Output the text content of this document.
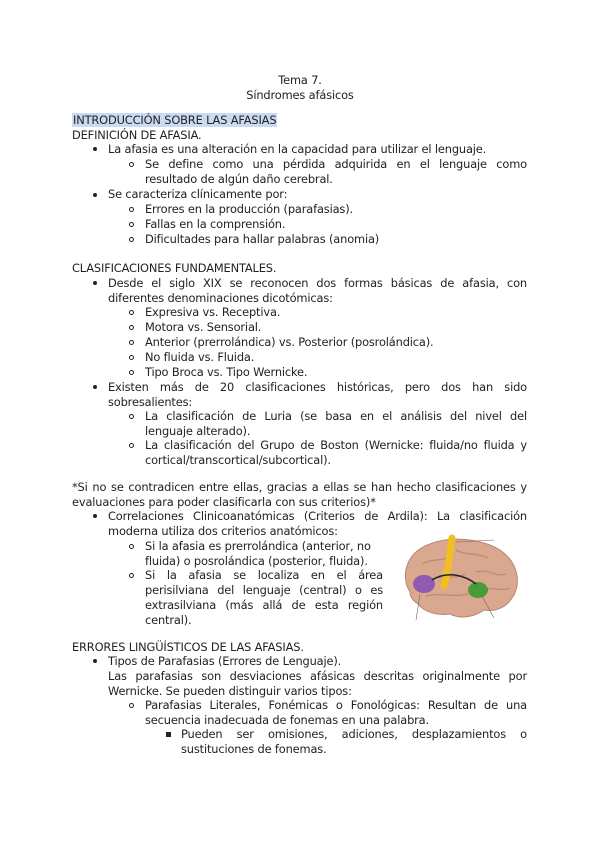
Tema 7.
Síndromes afásicos
INTRODUCCIÓN SOBRE LAS AFASIAS
DEFINICIÓN DE AFASIA.
La afasia es una alteración en la capacidad para utilizar el lenguaje.
Se define como una pérdida adquirida en el lenguaje como
resultado de algún daño cerebral.
Se caracteriza clínicamente por:
Errores en la producción (parafasias).
Fallas en la comprensión.
Dificultades para hallar palabras (anomia)
CLASIFICACIONES FUNDAMENTALES.
Desde el siglo XIX se reconocen dos formas básicas de afasia, con
diferentes denominaciones dicotómicas:
Expresiva vs. Receptiva.
Motora vs. Sensorial.
Anterior (prerrolándica) vs. Posterior (posrolándica).
No fluida vs. Fluida.
Tipo Broca vs. Tipo Wernicke.
Existen más de 20 clasificaciones históricas, pero dos han sido
sobresalientes:
La clasificación de Luria (se basa en el análisis del nivel del
lenguaje alterado).
La clasificación del Grupo de Boston (Wernicke: fluida/no fluida y
cortical/transcortical/subcortical).
*Si no se contradicen entre ellas, gracias a ellas se han hecho clasificaciones y
evaluaciones para poder clasificarla con sus criterios)*
Correlaciones Clinicoanatómicas (Criterios de Ardila): La clasificación
moderna utiliza dos criterios anatómicos:
Si la afasia es prerrolándica (anterior, no
fluida) o posrolándica (posterior, fluida).
Si la afasia se localiza en el área
perisilviana del lenguaje (central) o es
extrasilviana (más allá de esta región
central).
ERRORES LINGÜÍSTICOS DE LAS AFASIAS.
Tipos de Parafasias (Errores de Lenguaje).
Las parafasias son desviaciones afásicas descritas originalmente por
Wernicke. Se pueden distinguir varios tipos:
Parafasias Literales, Fonémicas o Fonológicas: Resultan de una
secuencia inadecuada de fonemas en una palabra.
Pueden ser omisiones, adiciones, desplazamientos o
sustituciones de fonemas.
